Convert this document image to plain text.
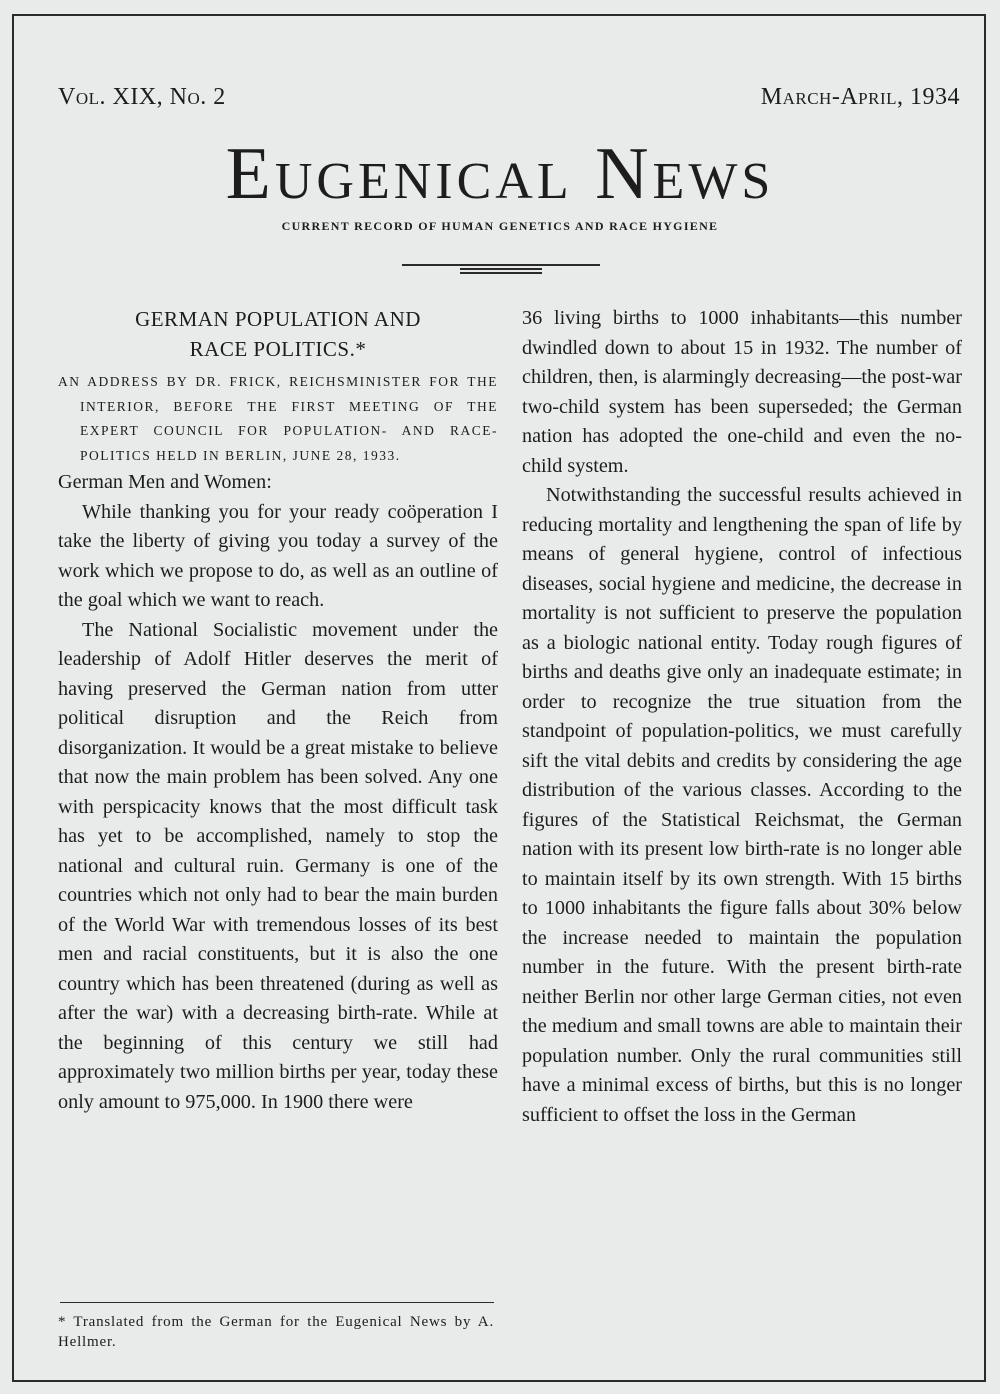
Vol. XIX, No. 2	March-April, 1934
Eugenical News
CURRENT RECORD OF HUMAN GENETICS AND RACE HYGIENE
GERMAN POPULATION AND
RACE POLITICS.*

AN ADDRESS BY DR. FRICK, REICHSMINISTER FOR THE INTERIOR, BEFORE THE FIRST MEETING OF THE EXPERT COUNCIL FOR POPULATION- AND RACE-POLITICS HELD IN BERLIN, JUNE 28, 1933.

German Men and Women:

While thanking you for your ready coöperation I take the liberty of giving you today a survey of the work which we propose to do, as well as an outline of the goal which we want to reach.

The National Socialistic movement under the leadership of Adolf Hitler deserves the merit of having preserved the German nation from utter political disruption and the Reich from disorganization. It would be a great mistake to believe that now the main problem has been solved. Any one with perspicacity knows that the most difficult task has yet to be accomplished, namely to stop the national and cultural ruin. Germany is one of the countries which not only had to bear the main burden of the World War with tremendous losses of its best men and racial constituents, but it is also the one country which has been threatened (during as well as after the war) with a decreasing birth-rate. While at the beginning of this century we still had approximately two million births per year, today these only amount to 975,000. In 1900 there were

36 living births to 1000 inhabitants—this number dwindled down to about 15 in 1932. The number of children, then, is alarmingly decreasing—the post-war two-child system has been superseded; the German nation has adopted the one-child and even the no-child system.

Notwithstanding the successful results achieved in reducing mortality and lengthening the span of life by means of general hygiene, control of infectious diseases, social hygiene and medicine, the decrease in mortality is not sufficient to preserve the population as a biologic national entity. Today rough figures of births and deaths give only an inadequate estimate; in order to recognize the true situation from the standpoint of population-politics, we must carefully sift the vital debits and credits by considering the age distribution of the various classes. According to the figures of the Statistical Reichsmat, the German nation with its present low birth-rate is no longer able to maintain itself by its own strength. With 15 births to 1000 inhabitants the figure falls about 30% below the increase needed to maintain the population number in the future. With the present birth-rate neither Berlin nor other large German cities, not even the medium and small towns are able to maintain their population number. Only the rural communities still have a minimal excess of births, but this is no longer sufficient to offset the loss in the German

* Translated from the German for the Eugenical News by A. Hellmer.
